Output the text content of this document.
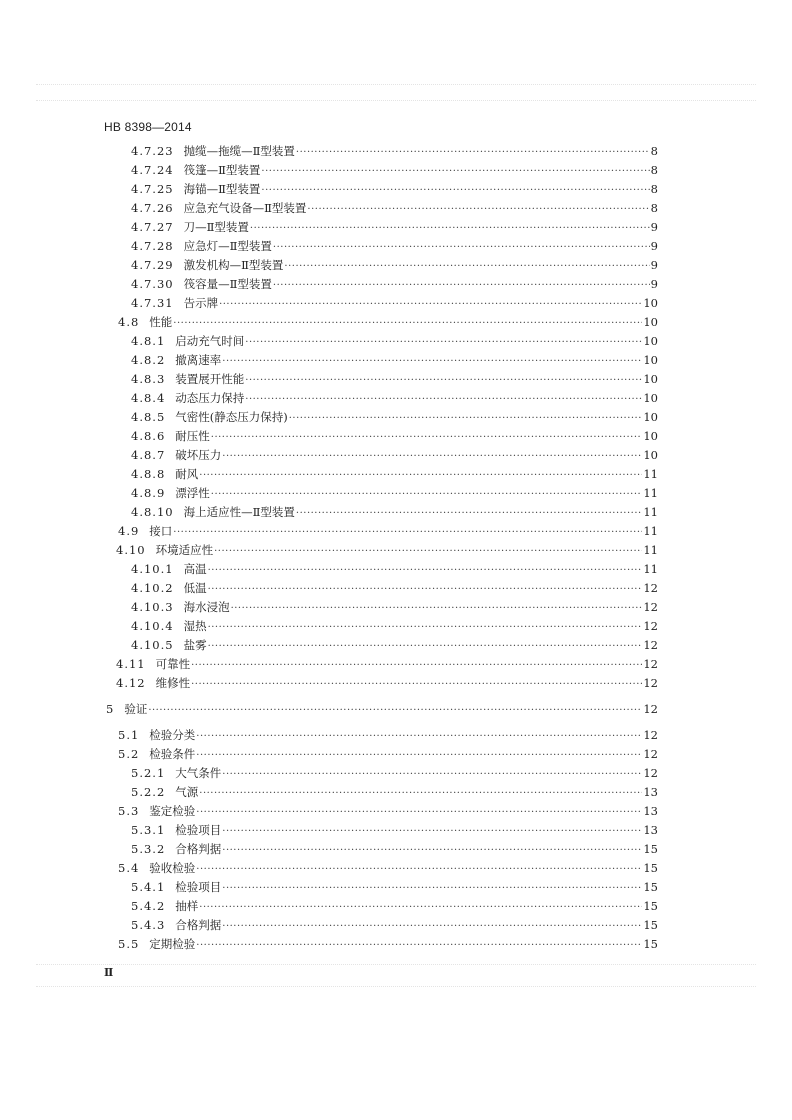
HB 8398—2014
4.7.23 抛缆—拖缆—Ⅱ型装置 ·····	8
4.7.24 筏篷—Ⅱ型装置 ·····	8
4.7.25 海锚—Ⅱ型装置 ·····	8
4.7.26 应急充气设备—Ⅱ型装置 ·····	8
4.7.27 刀—Ⅱ型装置 ·····	9
4.7.28 应急灯—Ⅱ型装置 ·····	9
4.7.29 激发机构—Ⅱ型装置 ·····	9
4.7.30 筏容量—Ⅱ型装置 ·····	9
4.7.31 告示牌 ·····	10
4.8 性能 ·····	10
4.8.1 启动充气时间 ·····	10
4.8.2 撤离速率 ·····	10
4.8.3 装置展开性能 ·····	10
4.8.4 动态压力保持 ·····	10
4.8.5 气密性(静态压力保持) ·····	10
4.8.6 耐压性 ·····	10
4.8.7 破坏压力 ·····	10
4.8.8 耐风 ·····	11
4.8.9 漂浮性 ·····	11
4.8.10 海上适应性—Ⅱ型装置 ·····	11
4.9 接口 ·····	11
4.10 环境适应性 ·····	11
4.10.1 高温 ·····	11
4.10.2 低温 ·····	12
4.10.3 海水浸泡 ·····	12
4.10.4 湿热 ·····	12
4.10.5 盐雾 ·····	12
4.11 可靠性 ·····	12
4.12 维修性 ·····	12
5 验证 ·····	12
5.1 检验分类 ·····	12
5.2 检验条件 ·····	12
5.2.1 大气条件 ·····	12
5.2.2 气源 ·····	13
5.3 鉴定检验 ·····	13
5.3.1 检验项目 ·····	13
5.3.2 合格判据 ·····	15
5.4 验收检验 ·····	15
5.4.1 检验项目 ·····	15
5.4.2 抽样 ·····	15
5.4.3 合格判据 ·····	15
5.5 定期检验 ·····	15
Ⅱ
